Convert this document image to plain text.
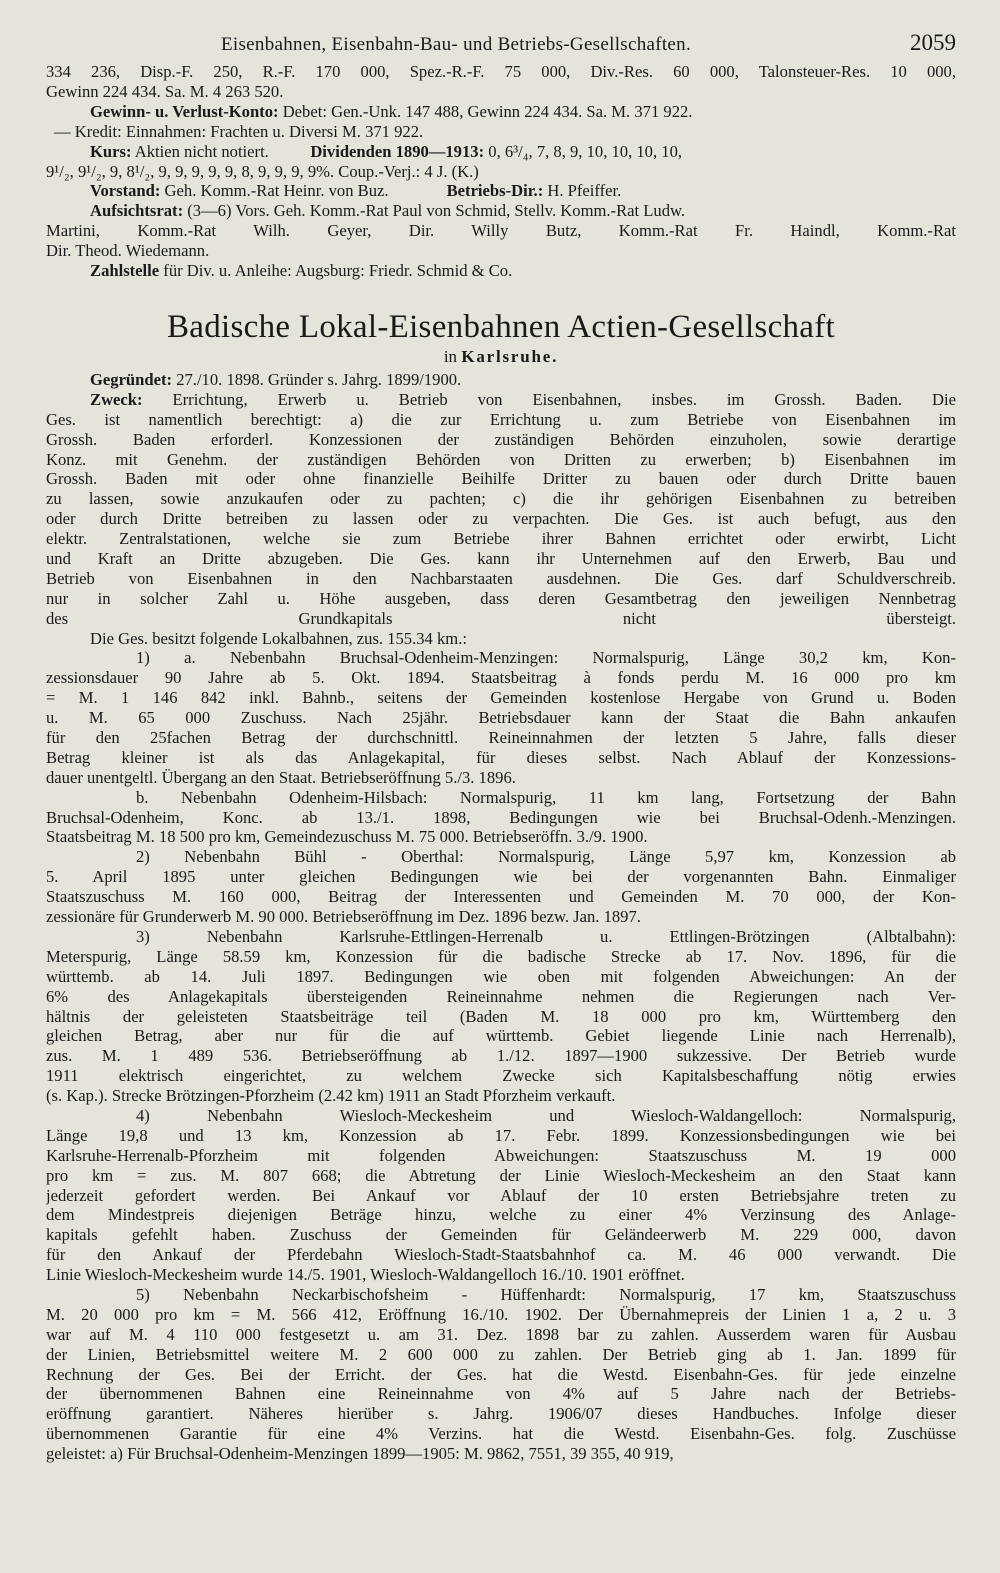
Eisenbahnen, Eisenbahn-Bau- und Betriebs-Gesellschaften.	2059
334 236, Disp.-F. 250, R.-F. 170 000, Spez.-R.-F. 75 000, Div.-Res. 60 000, Talonsteuer-Res. 10 000,
Gewinn 224 434. Sa. M. 4 263 520.
Gewinn- u. Verlust-Konto: Debet: Gen.-Unk. 147 488, Gewinn 224 434. Sa. M. 371 922.
— Kredit: Einnahmen: Frachten u. Diversi M. 371 922.
Kurs: Aktien nicht notiert. Dividenden 1890—1913: 0, 6³/₄, 7, 8, 9, 10, 10, 10, 10,
9¹/₂, 9¹/₂, 9, 8¹/₂, 9, 9, 9, 9, 9, 8, 9, 9, 9, 9%. Coup.-Verj.: 4 J. (K.)
Vorstand: Geh. Komm.-Rat Heinr. von Buz.	Betriebs-Dir.: H. Pfeiffer.
Aufsichtsrat: (3—6) Vors. Geh. Komm.-Rat Paul von Schmid, Stellv. Komm.-Rat Ludw.
Martini, Komm.-Rat Wilh. Geyer, Dir. Willy Butz, Komm.-Rat Fr. Haindl, Komm.-Rat
Dir. Theod. Wiedemann.
Zahlstelle für Div. u. Anleihe: Augsburg: Friedr. Schmid & Co.
Badische Lokal-Eisenbahnen Actien-Gesellschaft
in Karlsruhe.
Gegründet: 27./10. 1898. Gründer s. Jahrg. 1899/1900.
Zweck: Errichtung, Erwerb u. Betrieb von Eisenbahnen, insbes. im Grossh. Baden. Die
Ges. ist namentlich berechtigt: a) die zur Errichtung u. zum Betriebe von Eisenbahnen im
Grossh. Baden erforderl. Konzessionen der zuständigen Behörden einzuholen, sowie derartige
Konz. mit Genehm. der zuständigen Behörden von Dritten zu erwerben; b) Eisenbahnen im
Grossh. Baden mit oder ohne finanzielle Beihilfe Dritter zu bauen oder durch Dritte bauen
zu lassen, sowie anzukaufen oder zu pachten; c) die ihr gehörigen Eisenbahnen zu betreiben
oder durch Dritte betreiben zu lassen oder zu verpachten. Die Ges. ist auch befugt, aus den
elektr. Zentralstationen, welche sie zum Betriebe ihrer Bahnen errichtet oder erwirbt, Licht
und Kraft an Dritte abzugeben. Die Ges. kann ihr Unternehmen auf den Erwerb, Bau und
Betrieb von Eisenbahnen in den Nachbarstaaten ausdehnen. Die Ges. darf Schuldverschreib.
nur in solcher Zahl u. Höhe ausgeben, dass deren Gesamtbetrag den jeweiligen Nennbetrag
des Grundkapitals nicht übersteigt.
Die Ges. besitzt folgende Lokalbahnen, zus. 155.34 km.:
1) a. Nebenbahn Bruchsal-Odenheim-Menzingen: Normalspurig, Länge 30,2 km, Kon-
zessionsdauer 90 Jahre ab 5. Okt. 1894. Staatsbeitrag à fonds perdu M. 16 000 pro km
= M. 1 146 842 inkl. Bahnb., seitens der Gemeinden kostenlose Hergabe von Grund u. Boden
u. M. 65 000 Zuschuss. Nach 25jähr. Betriebsdauer kann der Staat die Bahn ankaufen
für den 25fachen Betrag der durchschnittl. Reineinnahmen der letzten 5 Jahre, falls dieser
Betrag kleiner ist als das Anlagekapital, für dieses selbst. Nach Ablauf der Konzessions-
dauer unentgeltl. Übergang an den Staat. Betriebseröffnung 5./3. 1896.
b. Nebenbahn Odenheim-Hilsbach: Normalspurig, 11 km lang, Fortsetzung der Bahn
Bruchsal-Odenheim, Konc. ab 13./1. 1898, Bedingungen wie bei Bruchsal-Odenh.-Menzingen.
Staatsbeitrag M. 18 500 pro km, Gemeindezuschuss M. 75 000. Betriebseröffn. 3./9. 1900.
2) Nebenbahn Bühl - Oberthal: Normalspurig, Länge 5,97 km, Konzession ab
5. April 1895 unter gleichen Bedingungen wie bei der vorgenannten Bahn. Einmaliger
Staatszuschuss M. 160 000, Beitrag der Interessenten und Gemeinden M. 70 000, der Kon-
zessionäre für Grunderwerb M. 90 000. Betriebseröffnung im Dez. 1896 bezw. Jan. 1897.
3) Nebenbahn Karlsruhe-Ettlingen-Herrenalb u. Ettlingen-Brötzingen (Albtalbahn):
Meterspurig, Länge 58.59 km, Konzession für die badische Strecke ab 17. Nov. 1896, für die
württemb. ab 14. Juli 1897. Bedingungen wie oben mit folgenden Abweichungen: An der
6% des Anlagekapitals übersteigenden Reineinnahme nehmen die Regierungen nach Ver-
hältnis der geleisteten Staatsbeiträge teil (Baden M. 18 000 pro km, Württemberg den
gleichen Betrag, aber nur für die auf württemb. Gebiet liegende Linie nach Herrenalb),
zus. M. 1 489 536. Betriebseröffnung ab 1./12. 1897—1900 sukzessive. Der Betrieb wurde
1911 elektrisch eingerichtet, zu welchem Zwecke sich Kapitalsbeschaffung nötig erwies
(s. Kap.). Strecke Brötzingen-Pforzheim (2.42 km) 1911 an Stadt Pforzheim verkauft.
4) Nebenbahn Wiesloch-Meckesheim und Wiesloch-Waldangelloch: Normalspurig,
Länge 19,8 und 13 km, Konzession ab 17. Febr. 1899. Konzessionsbedingungen wie bei
Karlsruhe-Herrenalb-Pforzheim mit folgenden Abweichungen: Staatszuschuss M. 19 000
pro km = zus. M. 807 668; die Abtretung der Linie Wiesloch-Meckesheim an den Staat kann
jederzeit gefordert werden. Bei Ankauf vor Ablauf der 10 ersten Betriebsjahre treten zu
dem Mindestpreis diejenigen Beträge hinzu, welche zu einer 4% Verzinsung des Anlage-
kapitals gefehlt haben. Zuschuss der Gemeinden für Geländeerwerb M. 229 000, davon
für den Ankauf der Pferdebahn Wiesloch-Stadt-Staatsbahnhof ca. M. 46 000 verwandt. Die
Linie Wiesloch-Meckesheim wurde 14./5. 1901, Wiesloch-Waldangelloch 16./10. 1901 eröffnet.
5) Nebenbahn Neckarbischofsheim - Hüffenhardt: Normalspurig, 17 km, Staatszuschuss
M. 20 000 pro km = M. 566 412, Eröffnung 16./10. 1902. Der Übernahmepreis der Linien 1 a, 2 u. 3
war auf M. 4 110 000 festgesetzt u. am 31. Dez. 1898 bar zu zahlen. Ausserdem waren für Ausbau
der Linien, Betriebsmittel weitere M. 2 600 000 zu zahlen. Der Betrieb ging ab 1. Jan. 1899 für
Rechnung der Ges. Bei der Erricht. der Ges. hat die Westd. Eisenbahn-Ges. für jede einzelne
der übernommenen Bahnen eine Reineinnahme von 4% auf 5 Jahre nach der Betriebs-
eröffnung garantiert. Näheres hierüber s. Jahrg. 1906/07 dieses Handbuches. Infolge dieser
übernommenen Garantie für eine 4% Verzins. hat die Westd. Eisenbahn-Ges. folg. Zuschüsse
geleistet: a) Für Bruchsal-Odenheim-Menzingen 1899—1905: M. 9862, 7551, 39 355, 40 919,
